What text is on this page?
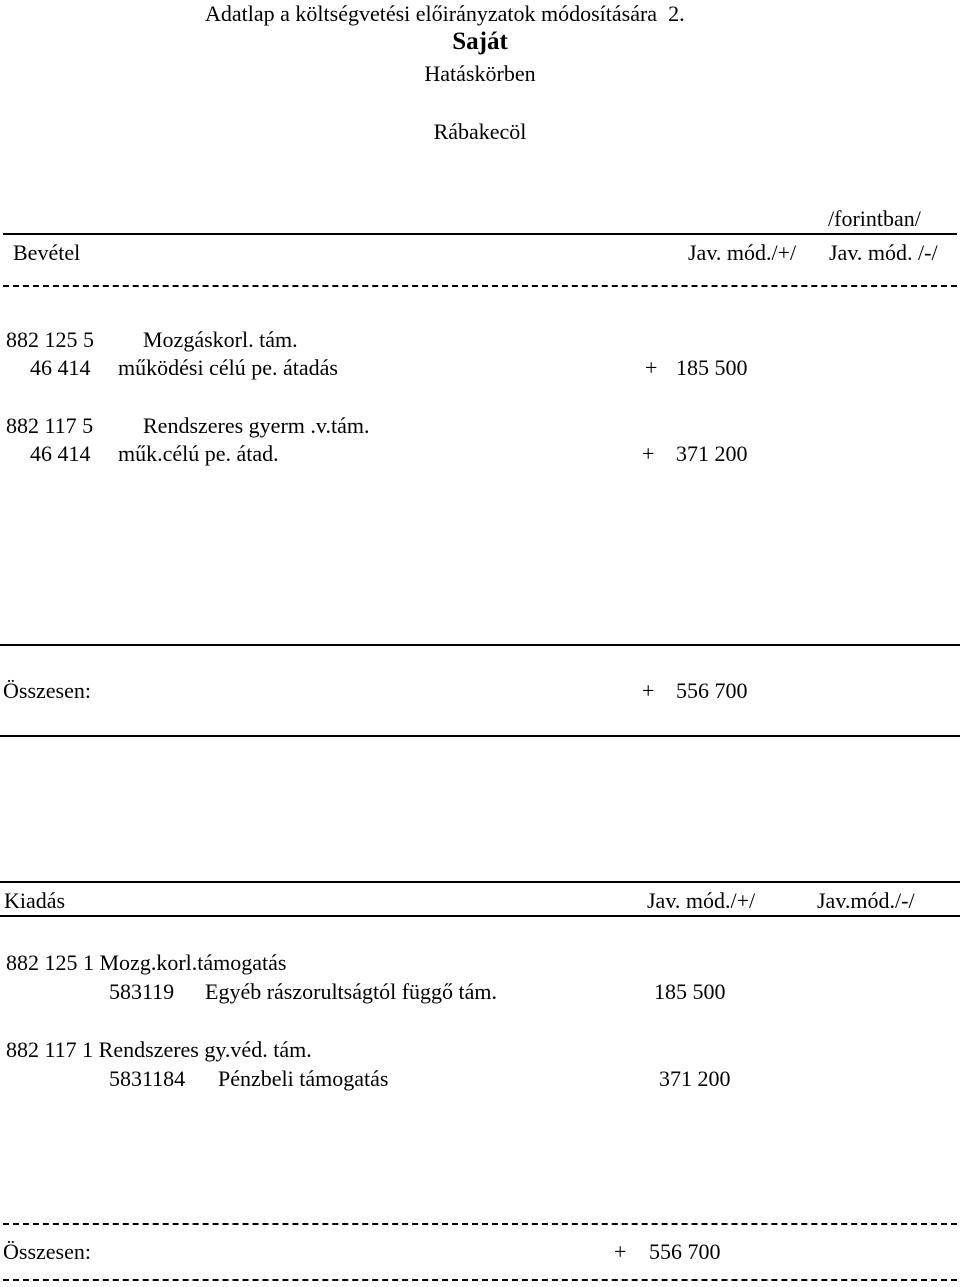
Adatlap a költségvetési előirányzatok módosítására  2.
Saját
Hatáskörben
Rábakecöl
/forintban/
Bevétel	Jav. mód./+/ Jav. mód. /-/
882 125 5 Mozgáskorl. tám.
46 414 működési célú pe. átadás	+ 185 500
882 117 5 Rendszeres gyerm .v.tám.
46 414 műk.célú pe. átad.	+ 371 200
Összesen:	+ 556 700
Kiadás	Jav. mód./+/	Jav.mód./-/
882 125 1 Mozg.korl.támogatás
583119 Egyéb rászorultságtól függő tám.	185 500
882 117 1 Rendszeres gy.véd. tám.
5831184 Pénzbeli támogatás	371 200
Összesen:	+ 556 700
